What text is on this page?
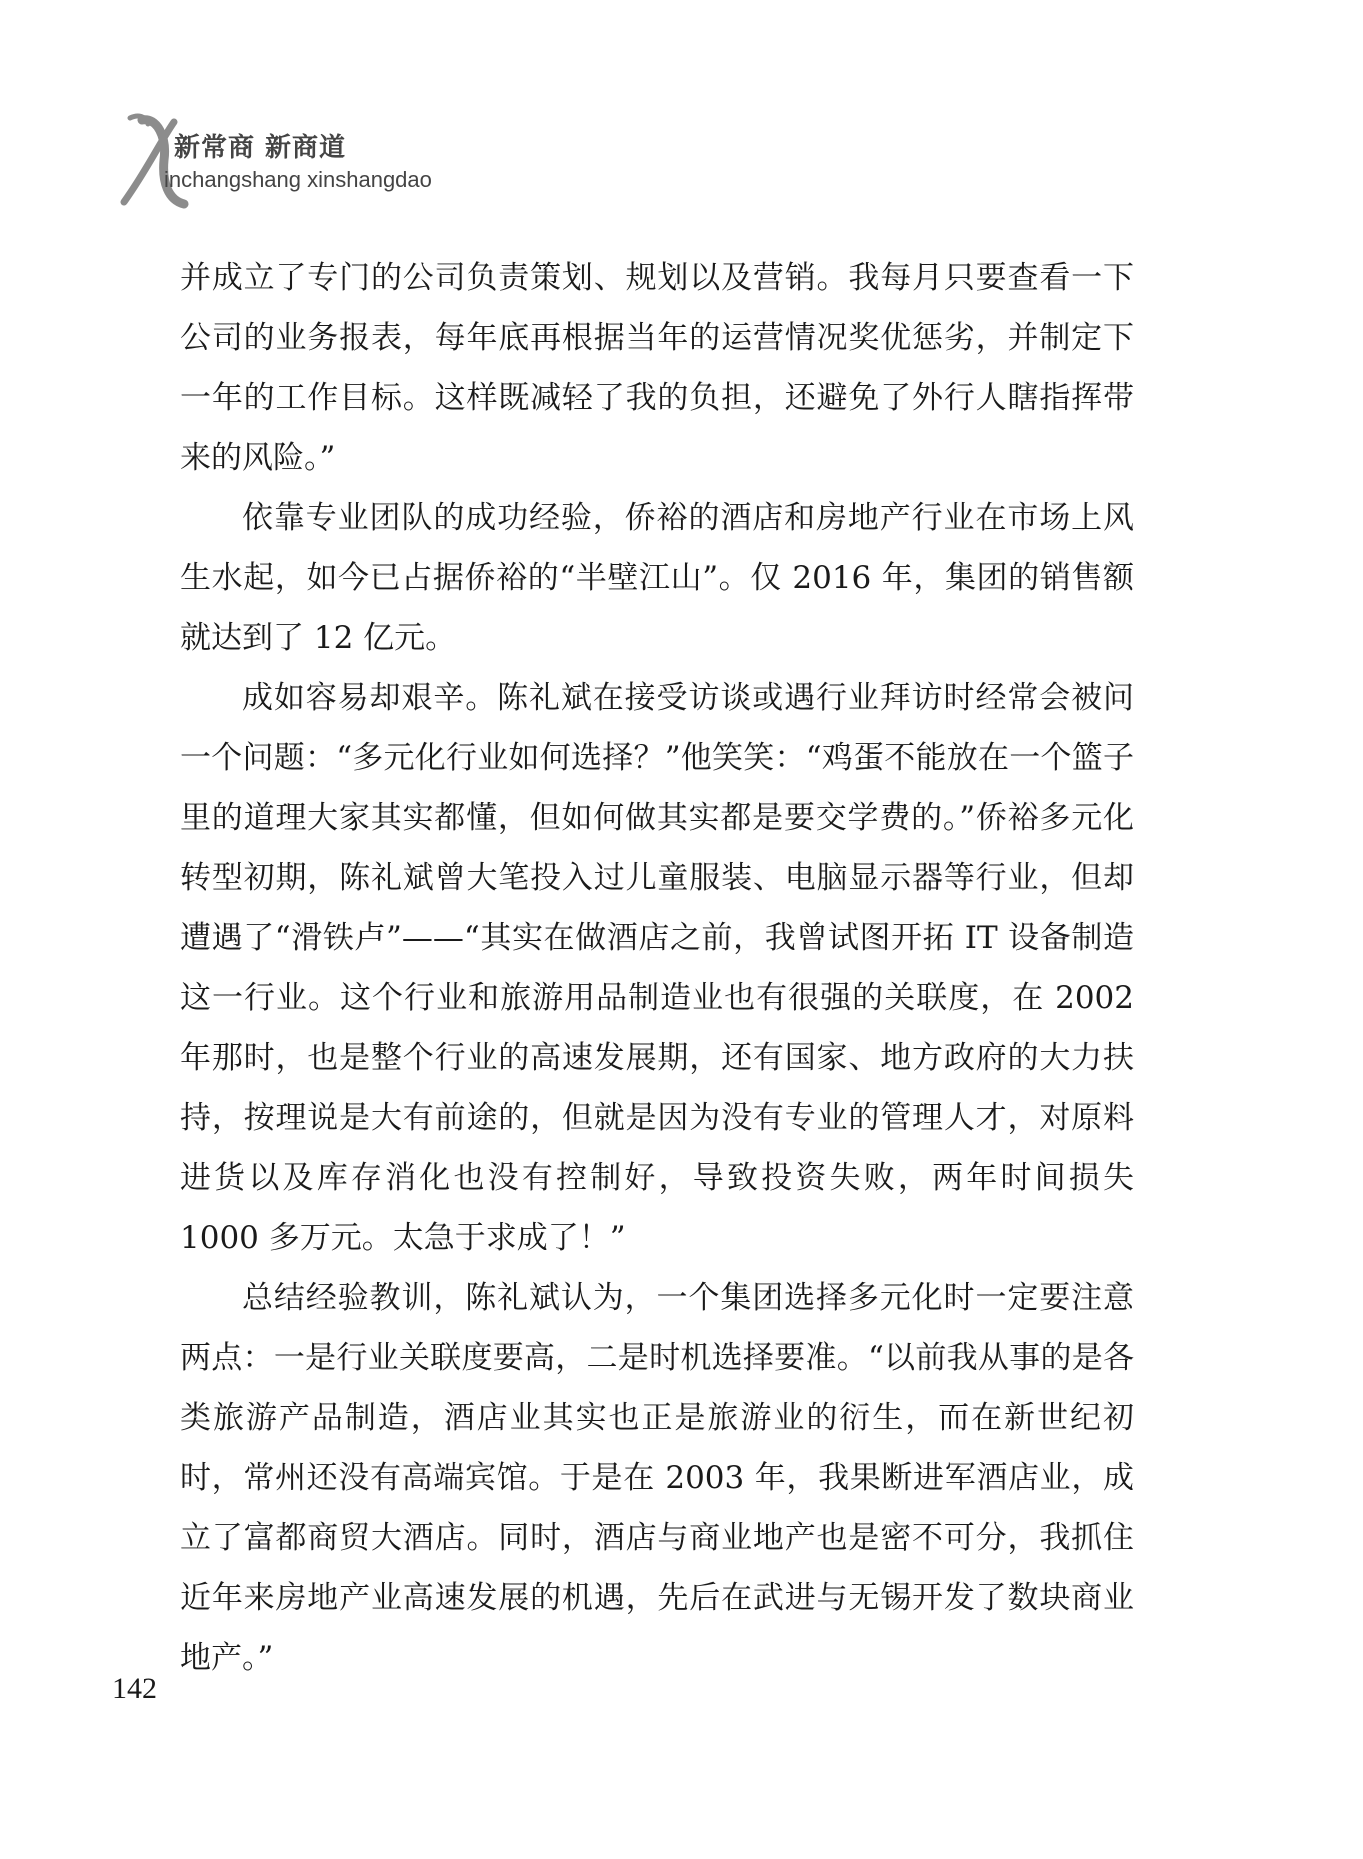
新常商 新商道
inchangshang xinshangdao

并成立了专门的公司负责策划、规划以及营销。我每月只要查看一下公司的业务报表，每年底再根据当年的运营情况奖优惩劣，并制定下一年的工作目标。这样既减轻了我的负担，还避免了外行人瞎指挥带来的风险。”

依靠专业团队的成功经验，侨裕的酒店和房地产行业在市场上风生水起，如今已占据侨裕的“半壁江山”。仅 2016 年，集团的销售额就达到了 12 亿元。

成如容易却艰辛。陈礼斌在接受访谈或遇行业拜访时经常会被问一个问题：“多元化行业如何选择？”他笑笑：“鸡蛋不能放在一个篮子里的道理大家其实都懂，但如何做其实都是要交学费的。”侨裕多元化转型初期，陈礼斌曾大笔投入过儿童服装、电脑显示器等行业，但却遭遇了“滑铁卢”——“其实在做酒店之前，我曾试图开拓 IT 设备制造这一行业。这个行业和旅游用品制造业也有很强的关联度，在 2002 年那时，也是整个行业的高速发展期，还有国家、地方政府的大力扶持，按理说是大有前途的，但就是因为没有专业的管理人才，对原料进货以及库存消化也没有控制好，导致投资失败，两年时间损失 1000 多万元。太急于求成了！”

总结经验教训，陈礼斌认为，一个集团选择多元化时一定要注意两点：一是行业关联度要高，二是时机选择要准。“以前我从事的是各类旅游产品制造，酒店业其实也正是旅游业的衍生，而在新世纪初时，常州还没有高端宾馆。于是在 2003 年，我果断进军酒店业，成立了富都商贸大酒店。同时，酒店与商业地产也是密不可分，我抓住近年来房地产业高速发展的机遇，先后在武进与无锡开发了数块商业地产。”

142
